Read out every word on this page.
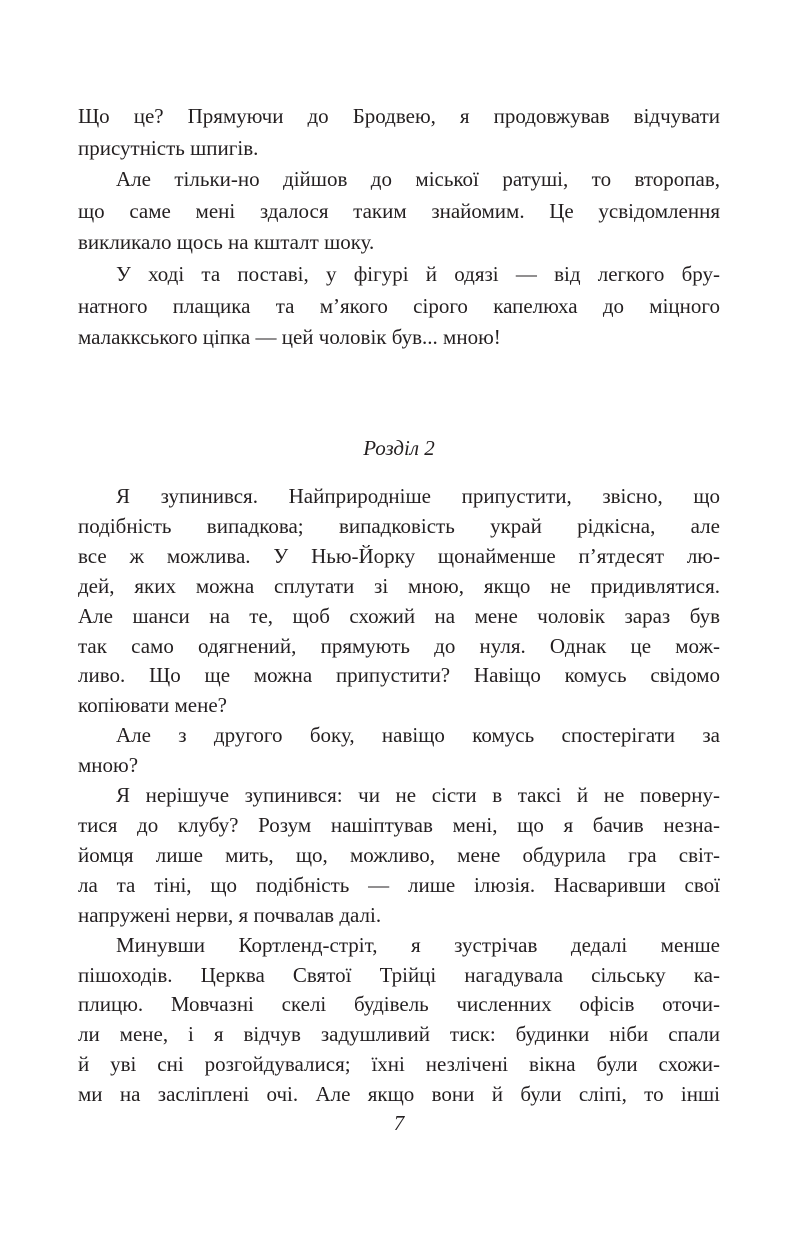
Що це? Прямуючи до Бродвею, я продовжував відчувати
присутність шпигів.
Але тільки-но дійшов до міської ратуші, то второпав,
що саме мені здалося таким знайомим. Це усвідомлення
викликало щось на кшталт шоку.
У ході та поставі, у фігурі й одязі — від легкого бру-
натного плащика та м’якого сірого капелюха до міцного
малаккського ціпка — цей чоловік був... мною!
Розділ 2
Я зупинився. Найприродніше припустити, звісно, що
подібність випадкова; випадковість украй рідкісна, але
все ж можлива. У Нью-Йорку щонайменше п’ятдесят лю-
дей, яких можна сплутати зі мною, якщо не придивлятися.
Але шанси на те, щоб схожий на мене чоловік зараз був
так само одягнений, прямують до нуля. Однак це мож-
ливо. Що ще можна припустити? Навіщо комусь свідомо
копіювати мене?
Але з другого боку, навіщо комусь спостерігати за
мною?
Я нерішуче зупинився: чи не сісти в таксі й не поверну-
тися до клубу? Розум нашіптував мені, що я бачив незна-
йомця лише мить, що, можливо, мене обдурила гра світ-
ла та тіні, що подібність — лише ілюзія. Насваривши свої
напружені нерви, я почвалав далі.
Минувши Кортленд-стріт, я зустрічав дедалі менше
пішоходів. Церква Святої Трійці нагадувала сільську ка-
плицю. Мовчазні скелі будівель численних офісів оточи-
ли мене, і я відчув задушливий тиск: будинки ніби спали
й уві сні розгойдувалися; їхні незлічені вікна були схожи-
ми на засліплені очі. Але якщо вони й були сліпі, то інші
7
